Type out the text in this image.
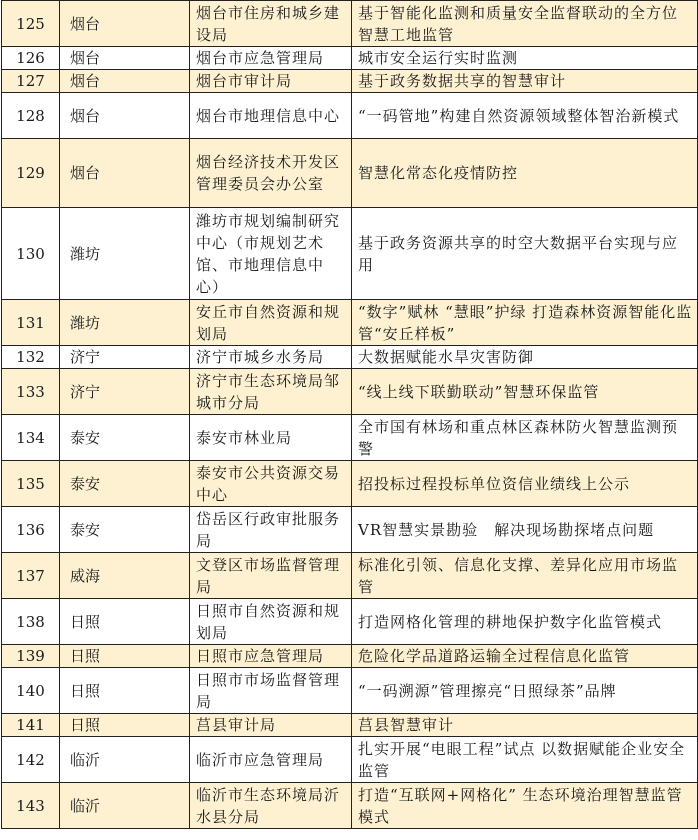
125	烟台	烟台市住房和城乡建设局	基于智能化监测和质量安全监督联动的全方位智慧工地监管
126	烟台	烟台市应急管理局	城市安全运行实时监测
127	烟台	烟台市审计局	基于政务数据共享的智慧审计
128	烟台	烟台市地理信息中心	“一码管地”构建自然资源领域整体智治新模式
129	烟台	烟台经济技术开发区管理委员会办公室	智慧化常态化疫情防控
130	潍坊	潍坊市规划编制研究中心（市规划艺术馆、市地理信息中心）	基于政务资源共享的时空大数据平台实现与应用
131	潍坊	安丘市自然资源和规划局	“数字”赋林 “慧眼”护绿 打造森林资源智能化监管“安丘样板”
132	济宁	济宁市城乡水务局	大数据赋能水旱灾害防御
133	济宁	济宁市生态环境局邹城市分局	“线上线下联勤联动”智慧环保监管
134	泰安	泰安市林业局	全市国有林场和重点林区森林防火智慧监测预警
135	泰安	泰安市公共资源交易中心	招投标过程投标单位资信业绩线上公示
136	泰安	岱岳区行政审批服务局	VR智慧实景勘验　解决现场勘探堵点问题
137	威海	文登区市场监督管理局	标准化引领、信息化支撑、差异化应用市场监管
138	日照	日照市自然资源和规划局	打造网格化管理的耕地保护数字化监管模式
139	日照	日照市应急管理局	危险化学品道路运输全过程信息化监管
140	日照	日照市市场监督管理局	“一码溯源”管理擦亮“日照绿茶”品牌
141	日照	莒县审计局	莒县智慧审计
142	临沂	临沂市应急管理局	扎实开展“电眼工程”试点 以数据赋能企业安全监管
143	临沂	临沂市生态环境局沂水县分局	打造“互联网+网格化” 生态环境治理智慧监管模式
